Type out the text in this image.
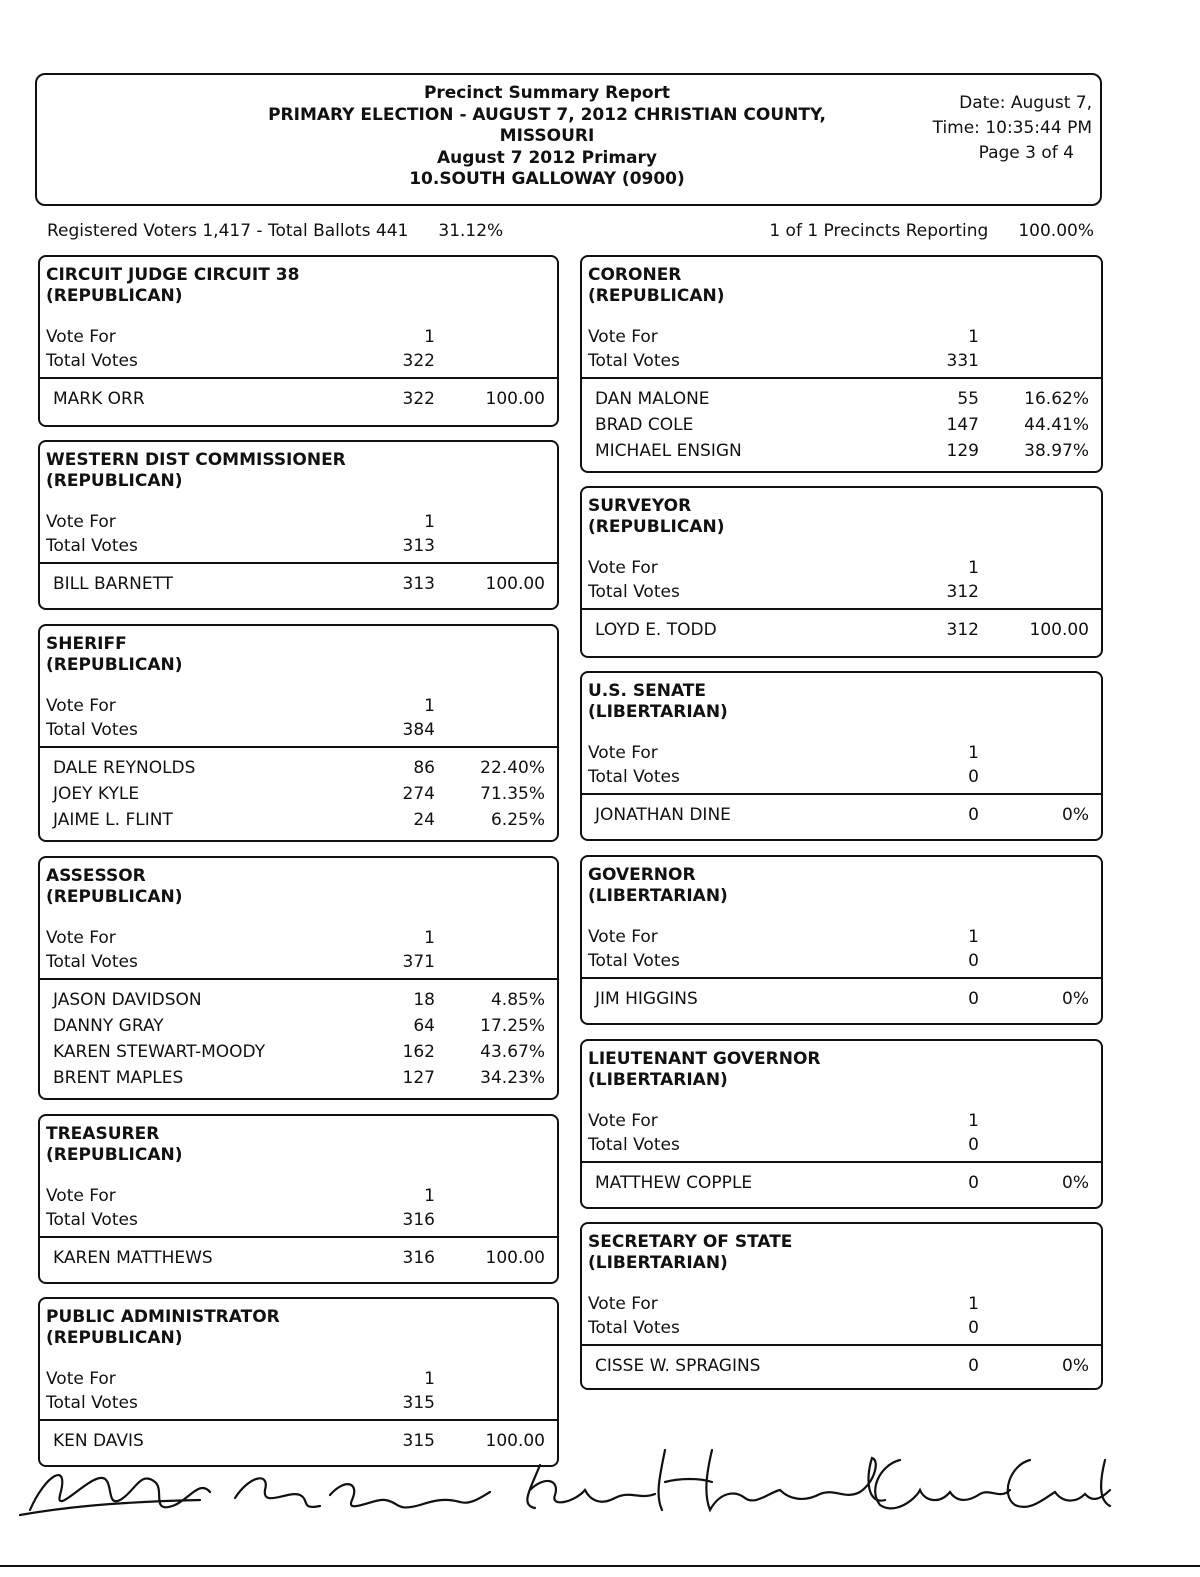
Precinct Summary Report
PRIMARY ELECTION - AUGUST 7, 2012 CHRISTIAN COUNTY,
MISSOURI
August 7 2012 Primary
10.SOUTH GALLOWAY (0900)
Date: August 7,
Time: 10:35:44 PM
Page 3 of 4
Registered Voters 1,417 - Total Ballots 441 31.12%	1 of 1 Precincts Reporting 100.00%
CIRCUIT JUDGE CIRCUIT 38
(REPUBLICAN)
Vote For	1
Total Votes	322
MARK ORR	322	100.00
WESTERN DIST COMMISSIONER
(REPUBLICAN)
Vote For	1
Total Votes	313
BILL BARNETT	313	100.00
SHERIFF
(REPUBLICAN)
Vote For	1
Total Votes	384
DALE REYNOLDS	86	22.40%
JOEY KYLE	274	71.35%
JAIME L. FLINT	24	6.25%
ASSESSOR
(REPUBLICAN)
Vote For	1
Total Votes	371
JASON DAVIDSON	18	4.85%
DANNY GRAY	64	17.25%
KAREN STEWART-MOODY	162	43.67%
BRENT MAPLES	127	34.23%
TREASURER
(REPUBLICAN)
Vote For	1
Total Votes	316
KAREN MATTHEWS	316	100.00
PUBLIC ADMINISTRATOR
(REPUBLICAN)
Vote For	1
Total Votes	315
KEN DAVIS	315	100.00
CORONER
(REPUBLICAN)
Vote For	1
Total Votes	331
DAN MALONE	55	16.62%
BRAD COLE	147	44.41%
MICHAEL ENSIGN	129	38.97%
SURVEYOR
(REPUBLICAN)
Vote For	1
Total Votes	312
LOYD E. TODD	312	100.00
U.S. SENATE
(LIBERTARIAN)
Vote For	1
Total Votes	0
JONATHAN DINE	0	0%
GOVERNOR
(LIBERTARIAN)
Vote For	1
Total Votes	0
JIM HIGGINS	0	0%
LIEUTENANT GOVERNOR
(LIBERTARIAN)
Vote For	1
Total Votes	0
MATTHEW COPPLE	0	0%
SECRETARY OF STATE
(LIBERTARIAN)
Vote For	1
Total Votes	0
CISSE W. SPRAGINS	0	0%
